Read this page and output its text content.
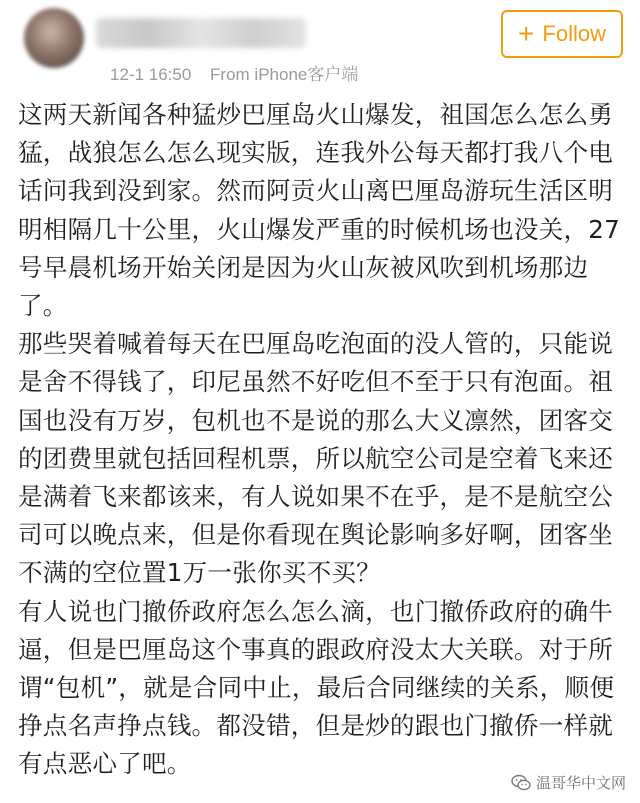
12-1 16:50 From iPhone客户端
+ Follow

这两天新闻各种猛炒巴厘岛火山爆发，祖国怎么怎么勇猛，战狼怎么怎么现实版，连我外公每天都打我八个电话问我到没到家。然而阿贡火山离巴厘岛游玩生活区明明相隔几十公里，火山爆发严重的时候机场也没关，27号早晨机场开始关闭是因为火山灰被风吹到机场那边了。

那些哭着喊着每天在巴厘岛吃泡面的没人管的，只能说是舍不得钱了，印尼虽然不好吃但不至于只有泡面。祖国也没有万岁，包机也不是说的那么大义凛然，团客交的团费里就包括回程机票，所以航空公司是空着飞来还是满着飞来都该来，有人说如果不在乎，是不是航空公司可以晚点来，但是你看现在舆论影响多好啊，团客坐不满的空位置1万一张你买不买？

有人说也门撤侨政府怎么怎么滴，也门撤侨政府的确牛逼，但是巴厘岛这个事真的跟政府没太大关联。对于所谓“包机”，就是合同中止，最后合同继续的关系，顺便挣点名声挣点钱。都没错，但是炒的跟也门撤侨一样就有点恶心了吧。

温哥华中文网
